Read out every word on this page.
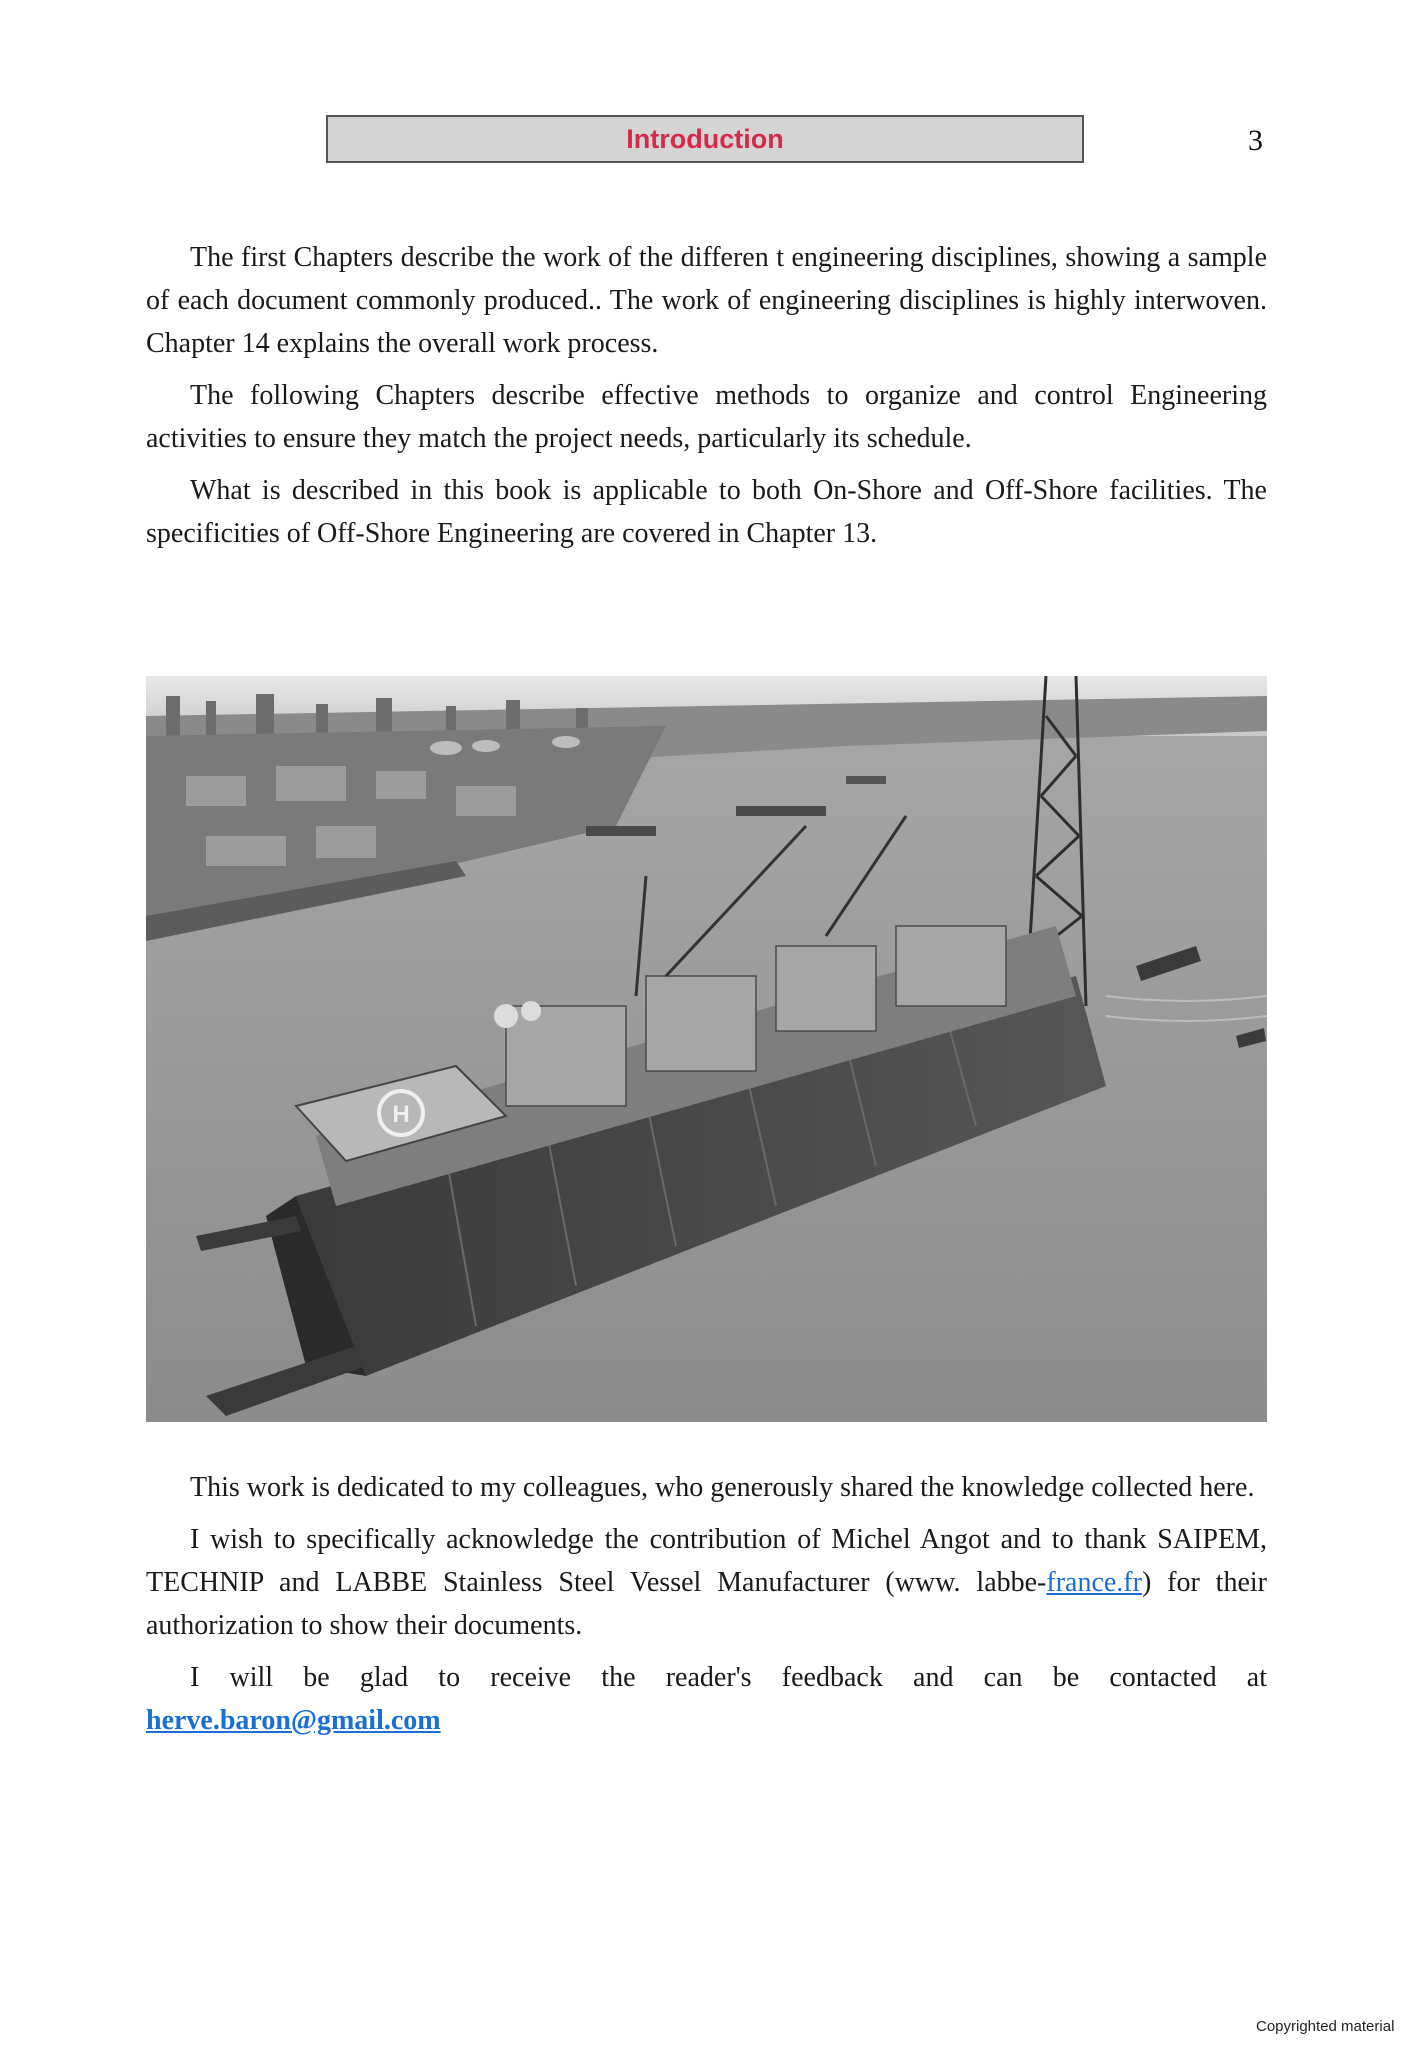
Introduction	3

The first Chapters describe the work of the differen t engineering disciplines, showing a sample of each document commonly produced.. The work of engineering disciplines is highly interwoven. Chapter 14 explains the overall work process.

The following Chapters describe effective methods to organize and control Engineering activities to ensure they match the project needs, particularly its schedule.

What is described in this book is applicable to both On-Shore and Off-Shore facilities. The specificities of Off-Shore Engineering are covered in Chapter 13.

H

This work is dedicated to my colleagues, who generously shared the knowledge collected here.

I wish to specifically acknowledge the contribution of Michel Angot and to thank SAIPEM, TECHNIP and LABBE Stainless Steel Vessel Manufacturer (www. labbe-france.fr) for their authorization to show their documents.

I will be glad to receive the reader's feedback and can be contacted at herve.baron@gmail.com

Copyrighted material
